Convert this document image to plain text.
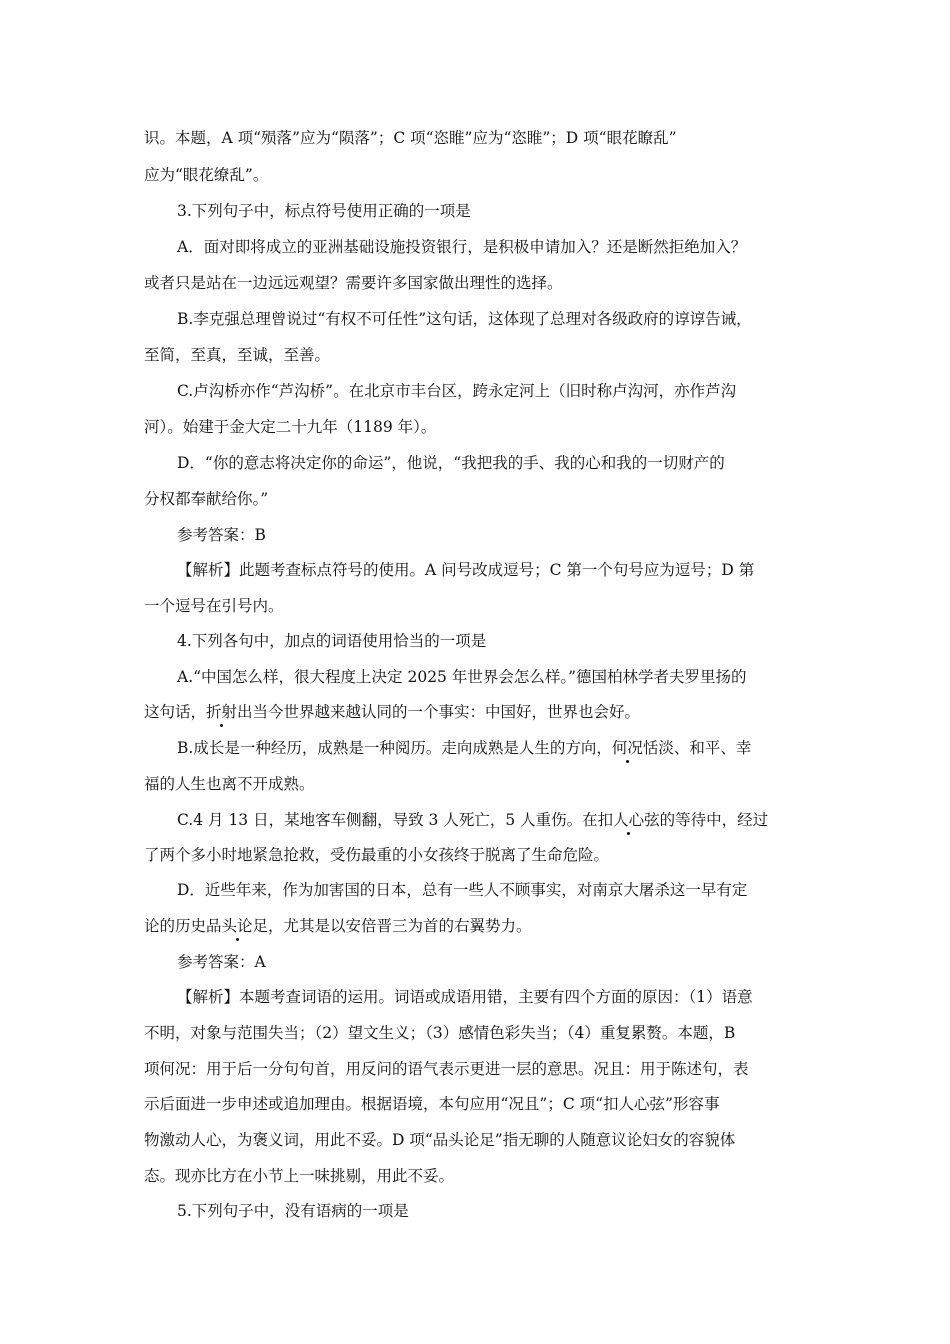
识。本题，A 项“殒落”应为“陨落”；C 项“恣睢”应为“恣睢”；D 项“眼花瞭乱”
应为“眼花缭乱”。
3.下列句子中，标点符号使用正确的一项是
A．面对即将成立的亚洲基础设施投资银行，是积极申请加入？还是断然拒绝加入？
或者只是站在一边远远观望？需要许多国家做出理性的选择。
B.李克强总理曾说过“有权不可任性”这句话，这体现了总理对各级政府的谆谆告诫，
至简，至真，至诚，至善。
C.卢沟桥亦作“芦沟桥”。在北京市丰台区，跨永定河上（旧时称卢沟河，亦作芦沟
河）。始建于金大定二十九年（1189 年）。
D．“你的意志将决定你的命运”，他说，“我把我的手、我的心和我的一切财产的
分权都奉献给你。”
参考答案：B
【解析】此题考查标点符号的使用。A 问号改成逗号；C 第一个句号应为逗号；D 第
一个逗号在引号内。
4.下列各句中，加点的词语使用恰当的一项是
A.“中国怎么样，很大程度上决定 2025 年世界会怎么样。”德国柏林学者夫罗里扬的
这句话，折射出当今世界越来越认同的一个事实：中国好，世界也会好。
B.成长是一种经历，成熟是一种阅历。走向成熟是人生的方向，何况恬淡、和平、幸
福的人生也离不开成熟。
C.4 月 13 日，某地客车侧翻，导致 3 人死亡，5 人重伤。在扣人心弦的等待中，经过
了两个多小时地紧急抢救，受伤最重的小女孩终于脱离了生命危险。
D．近些年来，作为加害国的日本，总有一些人不顾事实，对南京大屠杀这一早有定
论的历史品头论足，尤其是以安倍晋三为首的右翼势力。
参考答案：A
【解析】本题考查词语的运用。词语或成语用错，主要有四个方面的原因：（1）语意
不明，对象与范围失当；（2）望文生义；（3）感情色彩失当；（4）重复累赘。本题，B
项何况：用于后一分句句首，用反问的语气表示更进一层的意思。况且：用于陈述句，表
示后面进一步申述或追加理由。根据语境，本句应用“况且”；C 项“扣人心弦”形容事
物激动人心，为褒义词，用此不妥。D 项“品头论足”指无聊的人随意议论妇女的容貌体
态。现亦比方在小节上一味挑剔，用此不妥。
5.下列句子中，没有语病的一项是
